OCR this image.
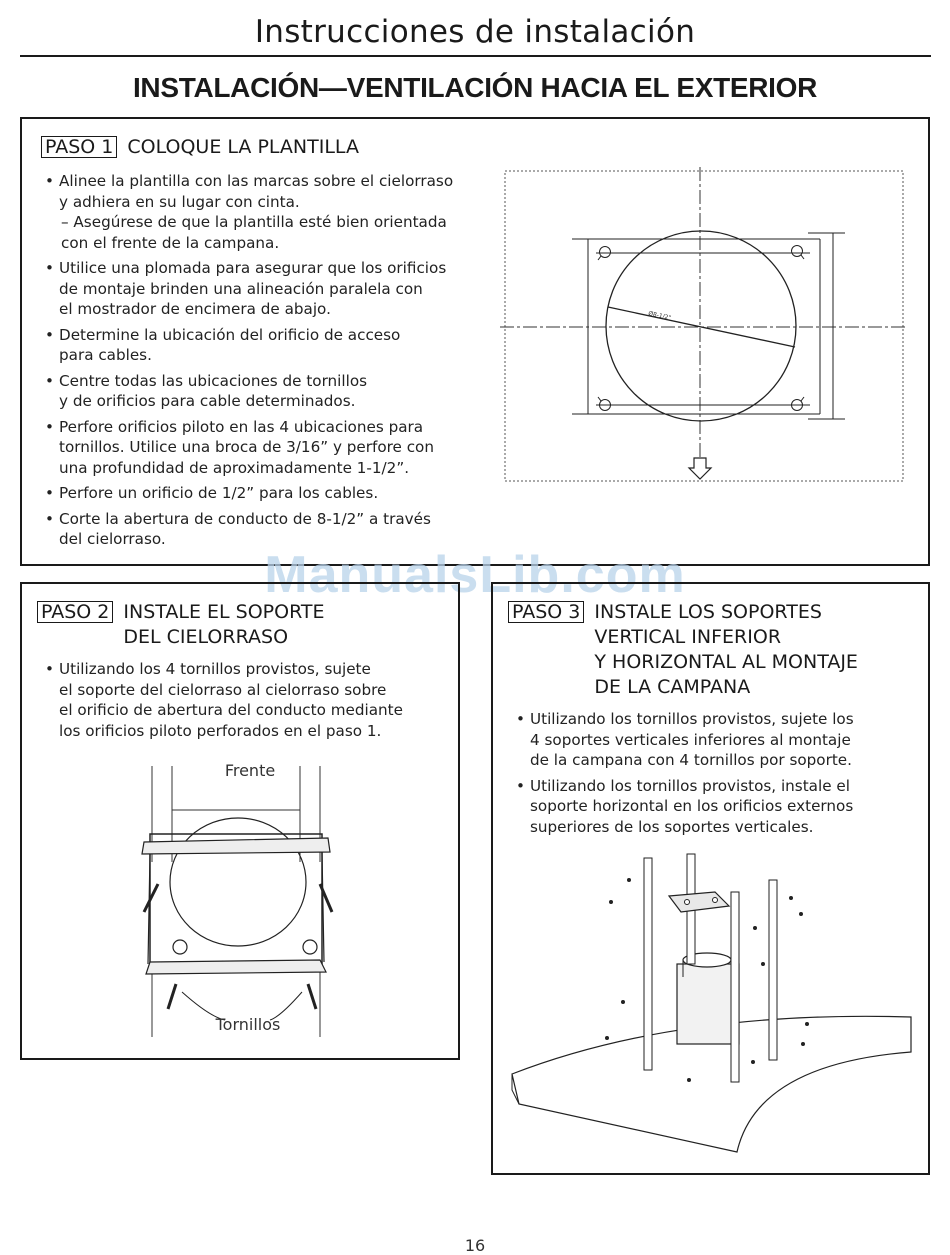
Instrucciones de instalación
INSTALACIÓN—VENTILACIÓN HACIA EL EXTERIOR
PASO 1 COLOQUE LA PLANTILLA
• Alinee la plantilla con las marcas sobre el cielorraso
y adhiera en su lugar con cinta.
– Asegúrese de que la plantilla esté bien orientada
con el frente de la campana.
• Utilice una plomada para asegurar que los orificios
de montaje brinden una alineación paralela con
el mostrador de encimera de abajo.
• Determine la ubicación del orificio de acceso
para cables.
• Centre todas las ubicaciones de tornillos
y de orificios para cable determinados.
• Perfore orificios piloto en las 4 ubicaciones para
tornillos. Utilice una broca de 3/16” y perfore con
una profundidad de aproximadamente 1-1/2”.
• Perfore un orificio de 1/2” para los cables.
• Corte la abertura de conducto de 8-1/2” a través
del cielorraso.
Ø8-1/2"
ManualsLib.com
PASO 2 INSTALE EL SOPORTE
DEL CIELORRASO
• Utilizando los 4 tornillos provistos, sujete
el soporte del cielorraso al cielorraso sobre
el orificio de abertura del conducto mediante
los orificios piloto perforados en el paso 1.
Frente
Tornillos
PASO 3 INSTALE LOS SOPORTES
VERTICAL INFERIOR
Y HORIZONTAL AL MONTAJE
DE LA CAMPANA
• Utilizando los tornillos provistos, sujete los
4 soportes verticales inferiores al montaje
de la campana con 4 tornillos por soporte.
• Utilizando los tornillos provistos, instale el
soporte horizontal en los orificios externos
superiores de los soportes verticales.
16
